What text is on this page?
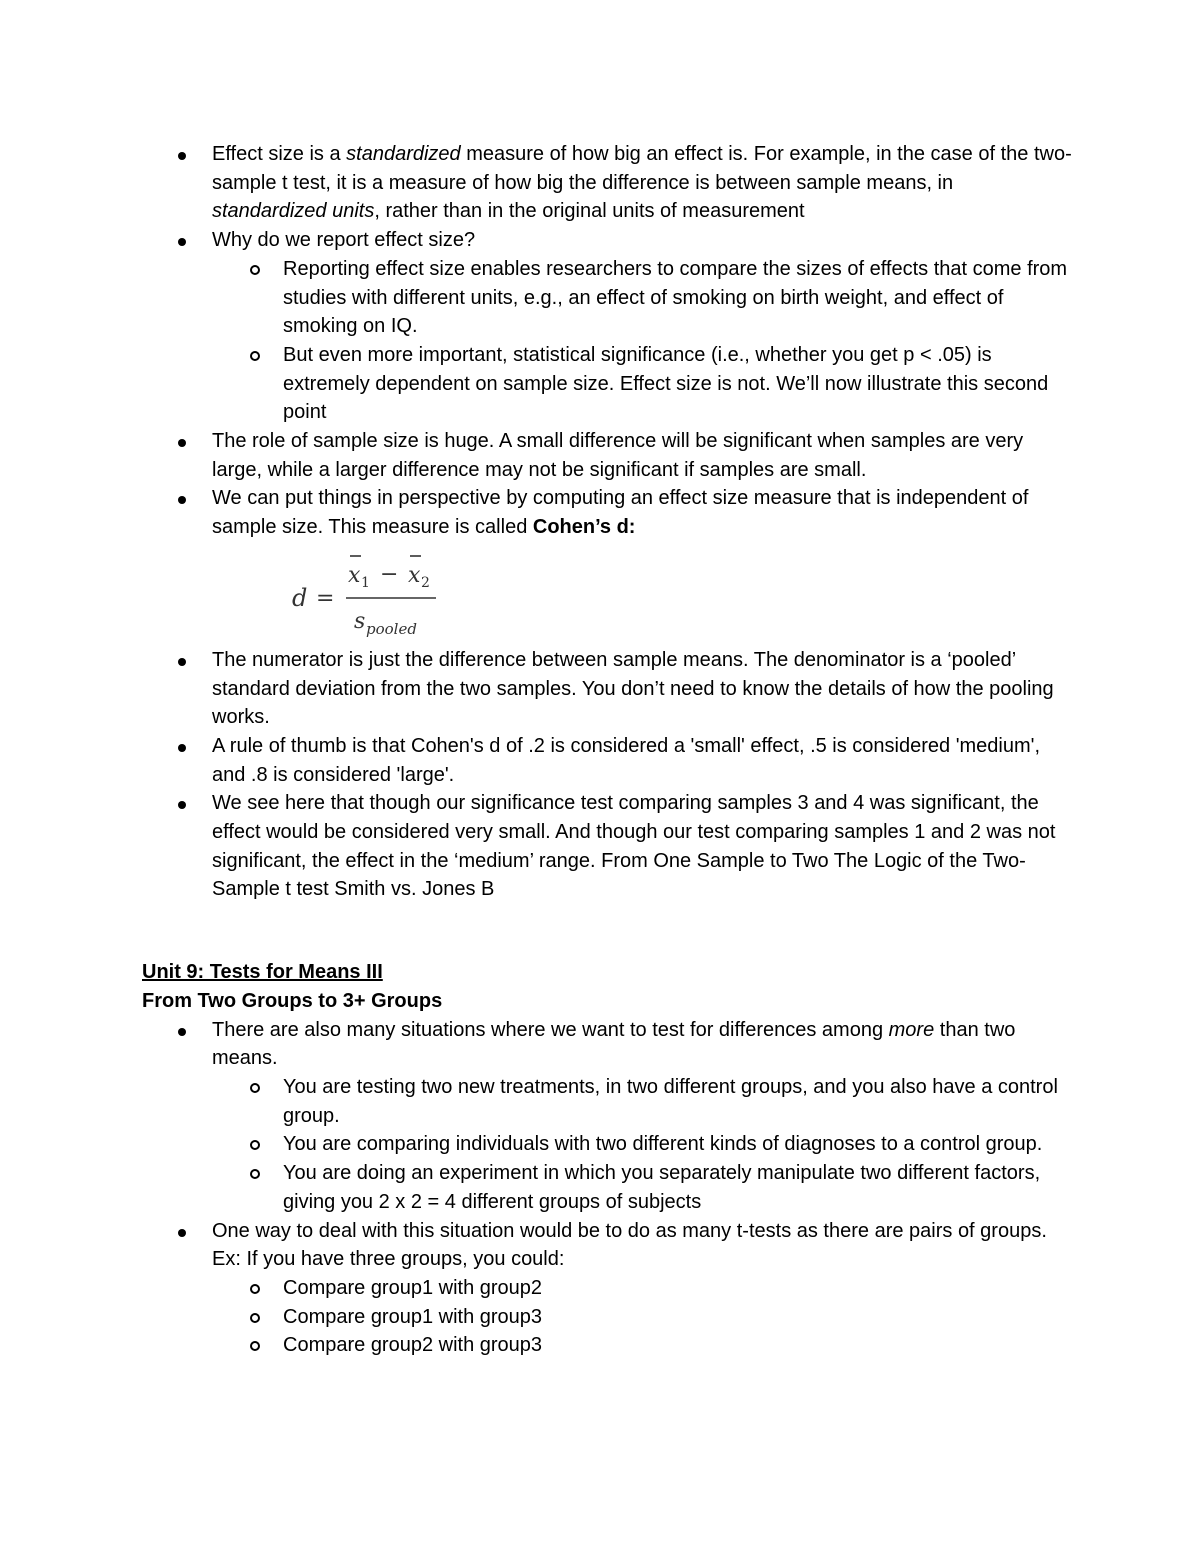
Effect size is a standardized measure of how big an effect is. For example, in the case of the two-sample t test, it is a measure of how big the difference is between sample means, in standardized units, rather than in the original units of measurement
Why do we report effect size?
Reporting effect size enables researchers to compare the sizes of effects that come from studies with different units, e.g., an effect of smoking on birth weight, and effect of smoking on IQ.
But even more important, statistical significance (i.e., whether you get p < .05) is extremely dependent on sample size. Effect size is not. We’ll now illustrate this second point
The role of sample size is huge. A small difference will be significant when samples are very large, while a larger difference may not be significant if samples are small.
We can put things in perspective by computing an effect size measure that is independent of sample size. This measure is called Cohen’s d:
d =
x 1 − x 2
s pooled
The numerator is just the difference between sample means. The denominator is a ‘pooled’ standard deviation from the two samples. You don’t need to know the details of how the pooling works.
A rule of thumb is that Cohen's d of .2 is considered a 'small' effect, .5 is considered 'medium', and .8 is considered 'large'.
We see here that though our significance test comparing samples 3 and 4 was significant, the effect would be considered very small. And though our test comparing samples 1 and 2 was not significant, the effect in the ‘medium’ range. From One Sample to Two The Logic of the Two-Sample t test Smith vs. Jones B

Unit 9: Tests for Means III

From Two Groups to 3+ Groups

There are also many situations where we want to test for differences among more than two means.
You are testing two new treatments, in two different groups, and you also have a control group.
You are comparing individuals with two different kinds of diagnoses to a control group.
You are doing an experiment in which you separately manipulate two different factors, giving you 2 x 2 = 4 different groups of subjects
One way to deal with this situation would be to do as many t-tests as there are pairs of groups. Ex: If you have three groups, you could:
Compare group1 with group2
Compare group1 with group3
Compare group2 with group3
